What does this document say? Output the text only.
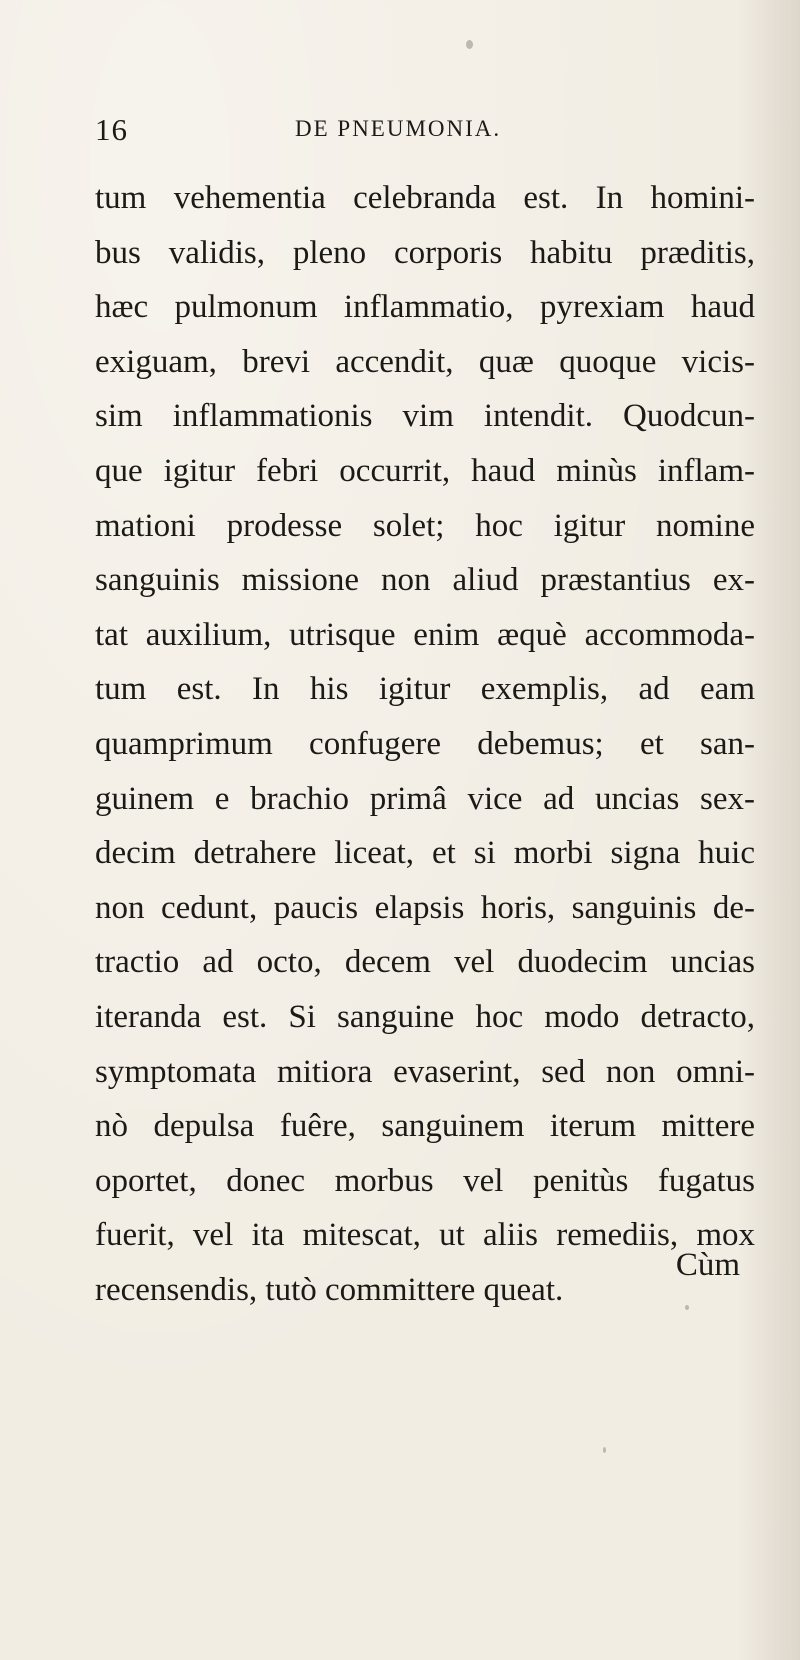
16	DE PNEUMONIA.
tum vehementia celebranda est. In homini-
bus validis, pleno corporis habitu præditis,
hæc pulmonum inflammatio, pyrexiam haud
exiguam, brevi accendit, quæ quoque vicis-
sim inflammationis vim intendit. Quodcun-
que igitur febri occurrit, haud minùs inflam-
mationi prodesse solet; hoc igitur nomine
sanguinis missione non aliud præstantius ex-
tat auxilium, utrisque enim æquè accommoda-
tum est. In his igitur exemplis, ad eam
quamprimum confugere debemus; et san-
guinem e brachio primâ vice ad uncias sex-
decim detrahere liceat, et si morbi signa huic
non cedunt, paucis elapsis horis, sanguinis de-
tractio ad octo, decem vel duodecim uncias
iteranda est. Si sanguine hoc modo detracto,
symptomata mitiora evaserint, sed non omni-
nò depulsa fuêre, sanguinem iterum mittere
oportet, donec morbus vel penitùs fugatus
fuerit, vel ita mitescat, ut aliis remediis, mox
recensendis, tutò committere queat.
Cùm
